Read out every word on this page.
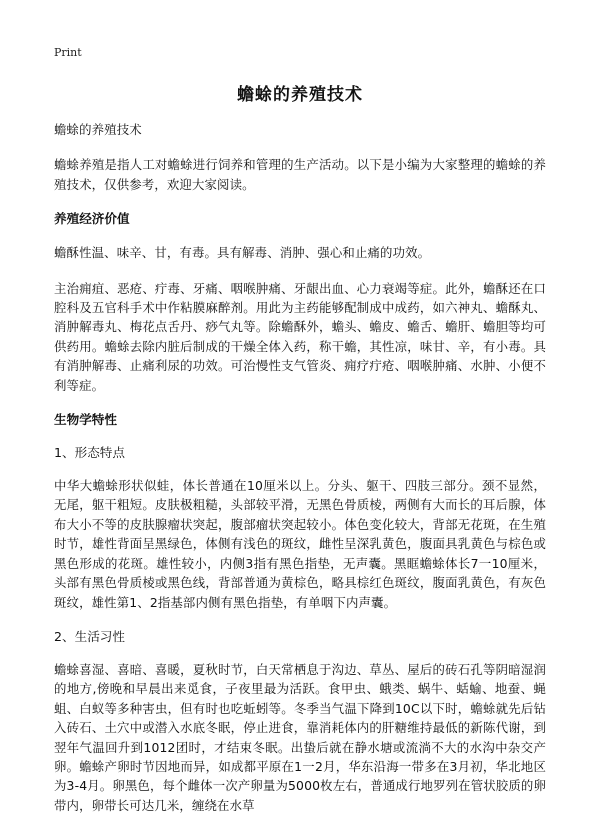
Print
蟾蜍的养殖技术

蟾蜍的养殖技术

蟾蜍养殖是指人工对蟾蜍进行饲养和管理的生产活动。以下是小编为大家整理的蟾蜍的养殖技术，仅供参考，欢迎大家阅读。

养殖经济价值

蟾酥性温、味辛、甘，有毒。具有解毒、消肿、强心和止痛的功效。

主治痈疽、恶疮、疔毒、牙痛、咽喉肿痛、牙龈出血、心力衰竭等症。此外，蟾酥还在口腔科及五官科手术中作粘膜麻醉剂。用此为主药能够配制成中成药，如六神丸、蟾酥丸、消肿解毒丸、梅花点舌丹、痧气丸等。除蟾酥外，蟾头、蟾皮、蟾舌、蟾肝、蟾胆等均可供药用。蟾蜍去除内脏后制成的干燥全体入药，称干蟾，其性凉，味甘、辛，有小毒。具有消肿解毒、止痛利尿的功效。可治慢性支气管炎、痈疗疔疮、咽喉肿痛、水肿、小便不利等症。

生物学特性
1、形态特点

中华大蟾蜍形状似蛙，体长普通在10厘米以上。分头、躯干、四肢三部分。颈不显然，无尾，躯干粗短。皮肤极粗糙，头部较平滑，无黑色骨质棱，两侧有大而长的耳后腺，体布大小不等的皮肤腺瘤状突起，腹部瘤状突起较小。体色变化较大，背部无花斑，在生殖时节，雄性背面呈黑绿色，体侧有浅色的斑纹，雌性呈深乳黄色，腹面具乳黄色与棕色或黑色形成的花斑。雄性较小，内侧3指有黑色指垫，无声囊。黑眶蟾蜍体长7一10厘米，头部有黑色骨质棱或黑色线，背部普通为黄棕色，略具棕红色斑纹，腹面乳黄色，有灰色斑纹，雄性第1、2指基部内侧有黑色指垫，有单咽下内声囊。

2、生活习性

蟾蜍喜湿、喜暗、喜暖，夏秋时节，白天常栖息于沟边、草丛、屋后的砖石孔等阴暗湿润的地方,傍晚和早晨出来觅食，子夜里最为活跃。食甲虫、蛾类、蜗牛、蛞蝓、地蚕、蝇蛆、白蚁等多种害虫，但有时也吃蚯蚓等。冬季当气温下降到10C以下时，蟾蜍就先后钻入砖石、土穴中或潜入水底冬眠，停止进食，靠消耗体内的肝糖维持最低的新陈代谢，到翌年气温回升到1012团时，才结束冬眠。出蛰后就在静水塘或流淌不大的水沟中杂交产卵。蟾蜍产卵时节因地而异，如成都平原在1一2月，华东沿海一带多在3月初，华北地区为3-4月。卵黑色，每个雌体一次产卵量为5000枚左右，普通成行地罗列在管状胶质的卵带内，卵带长可达几米，缠绕在水草
